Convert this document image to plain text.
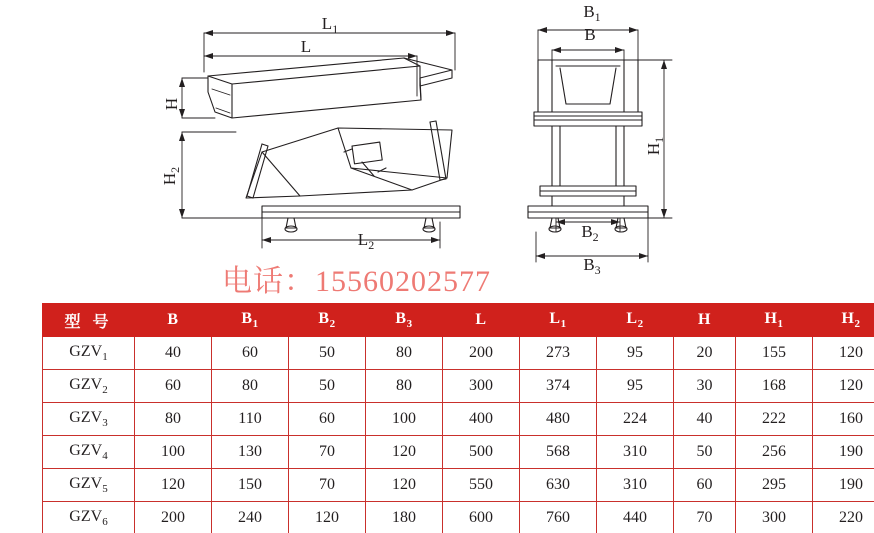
$L_1$
L
$L_2$
H
$H_2$
$B_1$
B
$B_2$
$B_3$
$H_1$
电话：15560202577
型 号	B	$B_1$	$B_2$	$B_3$	L	$L_1$	$L_2$	H	$H_1$	$H_2$
$GZV_1$	40	60	50	80	200	273	95	20	155	120
$GZV_2$	60	80	50	80	300	374	95	30	168	120
$GZV_3$	80	110	60	100	400	480	224	40	222	160
$GZV_4$	100	130	70	120	500	568	310	50	256	190
$GZV_5$	120	150	70	120	550	630	310	60	295	190
$GZV_6$	200	240	120	180	600	760	440	70	300	220
